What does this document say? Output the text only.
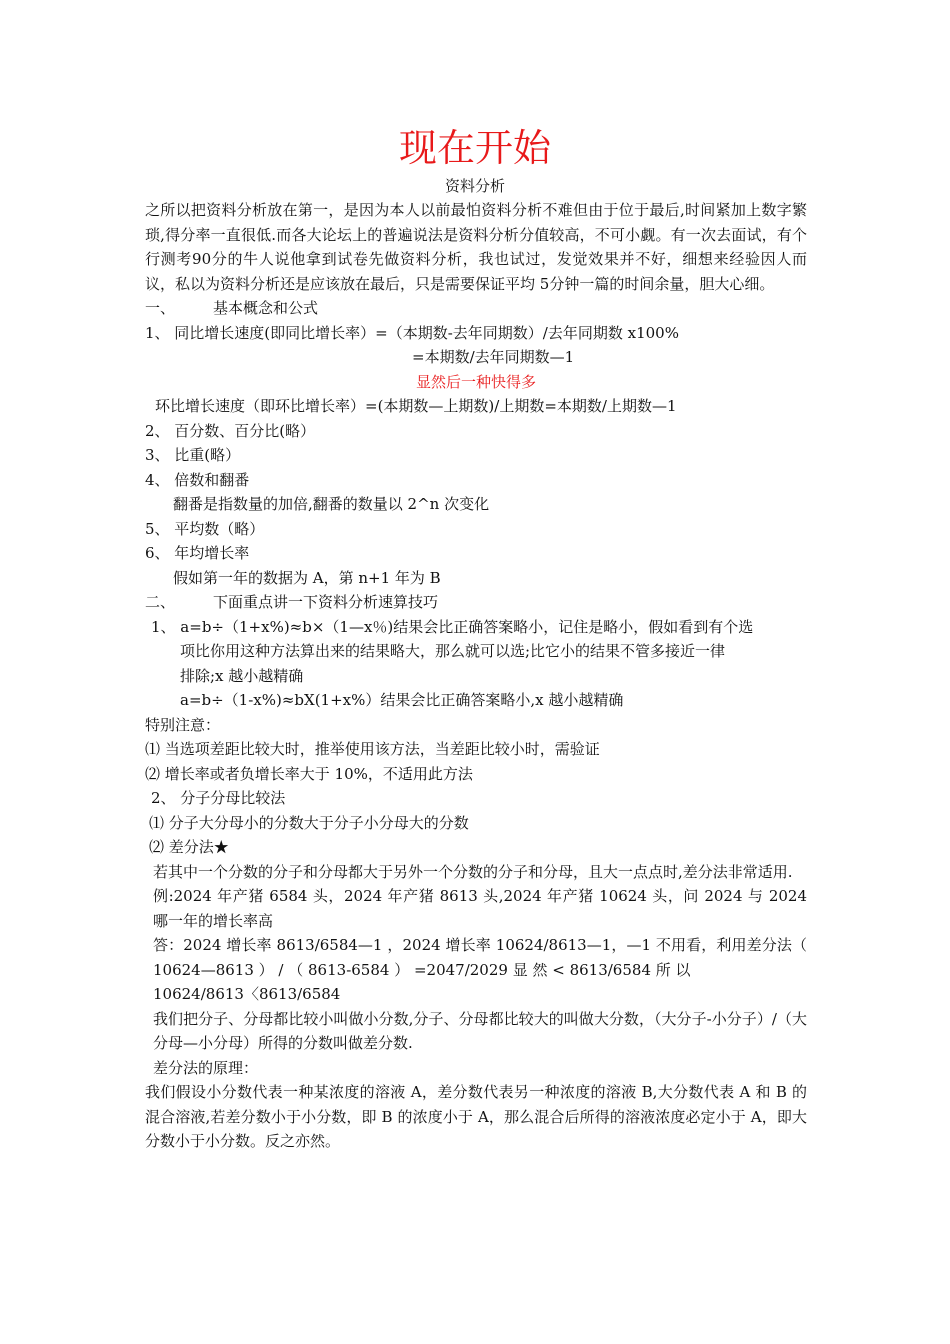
现在开始
资料分析
之所以把资料分析放在第一，是因为本人以前最怕资料分析不难但由于位于最后,时间紧加上数字繁琐,得分率一直很低.而各大论坛上的普遍说法是资料分析分值较高，不可小觑。有一次去面试，有个行测考90分的牛人说他拿到试卷先做资料分析，我也试过，发觉效果并不好，细想来经验因人而议，私以为资料分析还是应该放在最后，只是需要保证平均 5分钟一篇的时间余量，胆大心细。
一、	基本概念和公式
1、 同比增长速度(即同比增长率）=（本期数-去年同期数）/去年同期数 x100%
=本期数/去年同期数—1
显然后一种快得多
环比增长速度（即环比增长率）=(本期数—上期数)/上期数=本期数/上期数—1
2、 百分数、百分比(略）
3、 比重(略）
4、 倍数和翻番
翻番是指数量的加倍,翻番的数量以 2^n 次变化
5、 平均数（略）
6、 年均增长率
假如第一年的数据为 A，第 n+1 年为 B
二、	下面重点讲一下资料分析速算技巧
1、 a=b÷（1+x%)≈b×（1—x％)结果会比正确答案略小，记住是略小，假如看到有个选
项比你用这种方法算出来的结果略大，那么就可以选;比它小的结果不管多接近一律
排除;x 越小越精确
a=b÷（1-x%)≈bX(1+x%）结果会比正确答案略小,x 越小越精确
特别注意：
⑴ 当选项差距比较大时，推举使用该方法，当差距比较小时，需验证
⑵ 增长率或者负增长率大于 10%，不适用此方法
2、 分子分母比较法
⑴ 分子大分母小的分数大于分子小分母大的分数
⑵ 差分法★
若其中一个分数的分子和分母都大于另外一个分数的分子和分母，且大一点点时,差分法非常适用.
例:2024 年产猪 6584 头，2024 年产猪 8613 头,2024 年产猪 10624 头，问 2024 与 2024 哪一年的增长率高
答：2024 增长率 8613/6584—1 ，2024 增长率 10624/8613—1，—1 不用看，利用差分法（ 10624—8613 ） / （ 8613-6584 ） =2047/2029 显 然 < 8613/6584 所 以
10624/8613〈8613/6584
我们把分子、分母都比较小叫做小分数,分子、分母都比较大的叫做大分数，（大分子-小分子）/（大分母—小分母）所得的分数叫做差分数.
差分法的原理：
我们假设小分数代表一种某浓度的溶液 A，差分数代表另一种浓度的溶液 B,大分数代表 A 和 B 的混合溶液,若差分数小于小分数，即 B 的浓度小于 A，那么混合后所得的溶液浓度必定小于 A，即大分数小于小分数。反之亦然。
